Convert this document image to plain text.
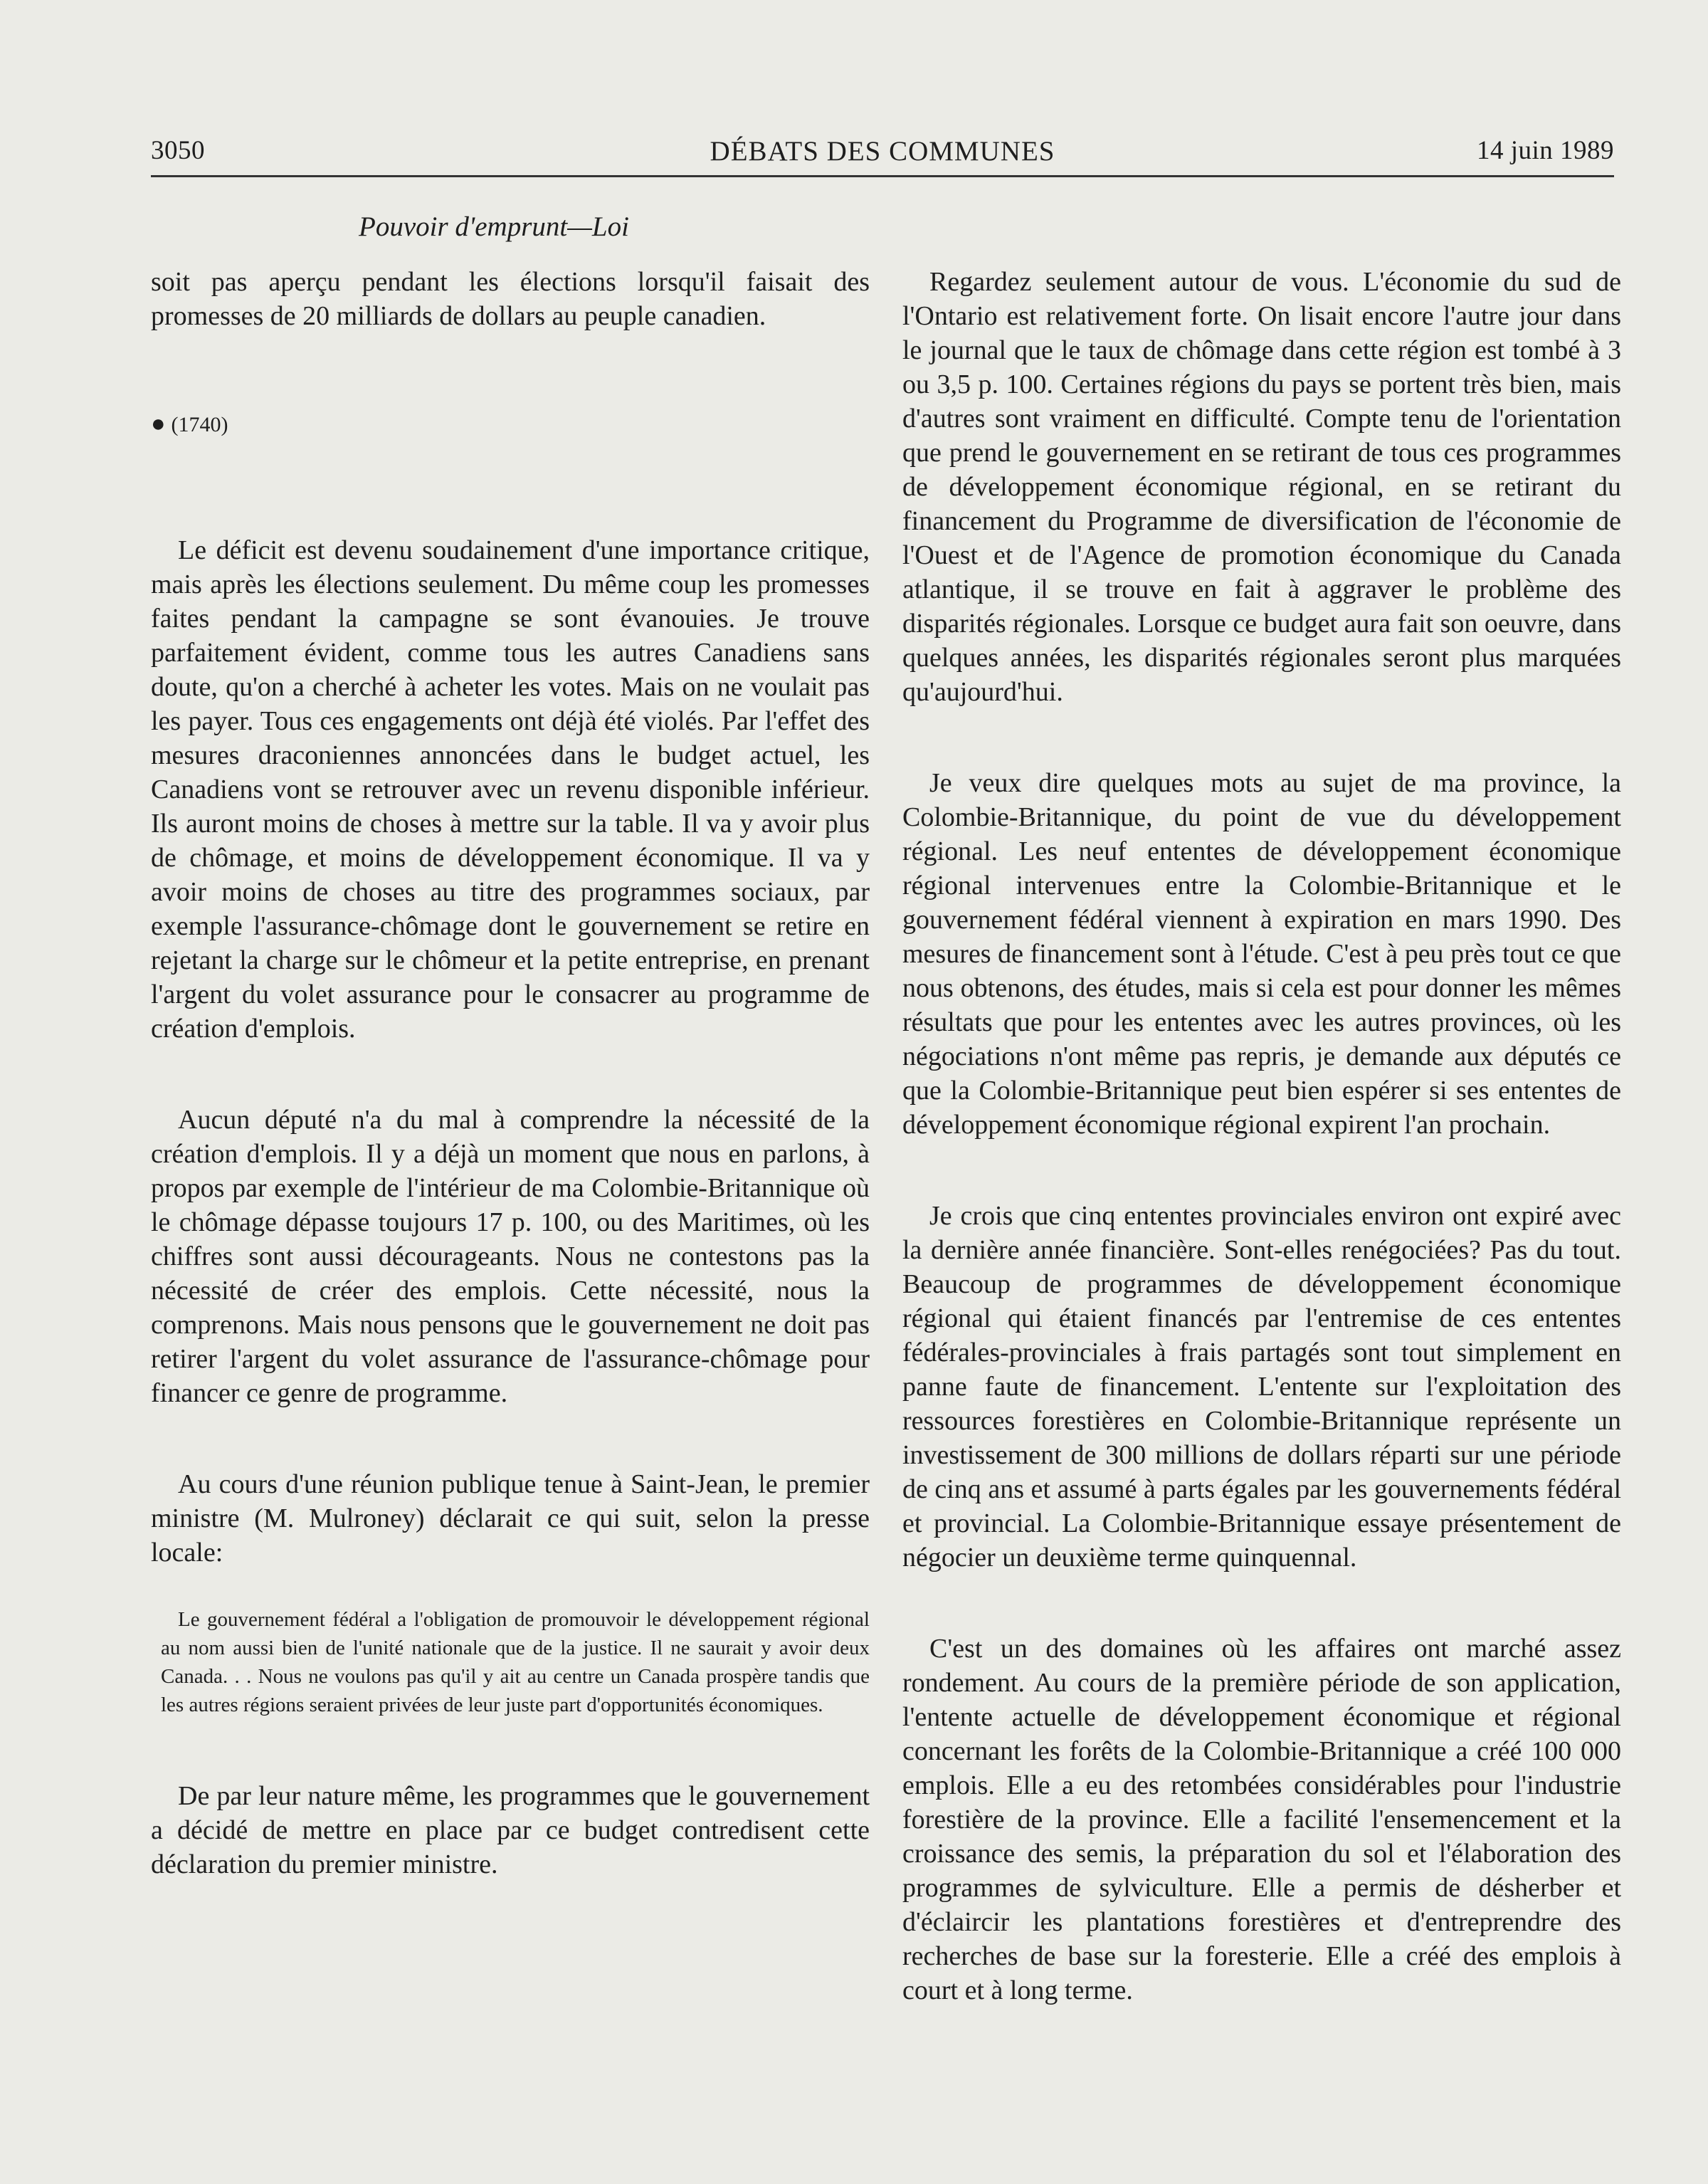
3050	DÉBATS DES COMMUNES	14 juin 1989
Pouvoir d'emprunt—Loi

soit pas aperçu pendant les élections lorsqu'il faisait des promesses de 20 milliards de dollars au peuple canadien.

● (1740)

Le déficit est devenu soudainement d'une importance critique, mais après les élections seulement. Du même coup les promesses faites pendant la campagne se sont évanouies. Je trouve parfaitement évident, comme tous les autres Canadiens sans doute, qu'on a cherché à acheter les votes. Mais on ne voulait pas les payer. Tous ces engagements ont déjà été violés. Par l'effet des mesures draconiennes annoncées dans le budget actuel, les Canadiens vont se retrouver avec un revenu disponible inférieur. Ils auront moins de choses à mettre sur la table. Il va y avoir plus de chômage, et moins de développement économique. Il va y avoir moins de choses au titre des programmes sociaux, par exemple l'assurance-chômage dont le gouvernement se retire en rejetant la charge sur le chômeur et la petite entreprise, en prenant l'argent du volet assurance pour le consacrer au programme de création d'emplois.

Aucun député n'a du mal à comprendre la nécessité de la création d'emplois. Il y a déjà un moment que nous en parlons, à propos par exemple de l'intérieur de ma Colombie-Britannique où le chômage dépasse toujours 17 p. 100, ou des Maritimes, où les chiffres sont aussi décourageants. Nous ne contestons pas la nécessité de créer des emplois. Cette nécessité, nous la comprenons. Mais nous pensons que le gouvernement ne doit pas retirer l'argent du volet assurance de l'assurance-chômage pour financer ce genre de programme.

Au cours d'une réunion publique tenue à Saint-Jean, le premier ministre (M. Mulroney) déclarait ce qui suit, selon la presse locale:

Le gouvernement fédéral a l'obligation de promouvoir le développement régional au nom aussi bien de l'unité nationale que de la justice. Il ne saurait y avoir deux Canada. . . Nous ne voulons pas qu'il y ait au centre un Canada prospère tandis que les autres régions seraient privées de leur juste part d'opportunités économiques.

De par leur nature même, les programmes que le gouvernement a décidé de mettre en place par ce budget contredisent cette déclaration du premier ministre.

Regardez seulement autour de vous. L'économie du sud de l'Ontario est relativement forte. On lisait encore l'autre jour dans le journal que le taux de chômage dans cette région est tombé à 3 ou 3,5 p. 100. Certaines régions du pays se portent très bien, mais d'autres sont vraiment en difficulté. Compte tenu de l'orientation que prend le gouvernement en se retirant de tous ces programmes de développement économique régional, en se retirant du financement du Programme de diversification de l'économie de l'Ouest et de l'Agence de promotion économique du Canada atlantique, il se trouve en fait à aggraver le problème des disparités régionales. Lorsque ce budget aura fait son oeuvre, dans quelques années, les disparités régionales seront plus marquées qu'aujourd'hui.

Je veux dire quelques mots au sujet de ma province, la Colombie-Britannique, du point de vue du développement régional. Les neuf ententes de développement économique régional intervenues entre la Colombie-Britannique et le gouvernement fédéral viennent à expiration en mars 1990. Des mesures de financement sont à l'étude. C'est à peu près tout ce que nous obtenons, des études, mais si cela est pour donner les mêmes résultats que pour les ententes avec les autres provinces, où les négociations n'ont même pas repris, je demande aux députés ce que la Colombie-Britannique peut bien espérer si ses ententes de développement économique régional expirent l'an prochain.

Je crois que cinq ententes provinciales environ ont expiré avec la dernière année financière. Sont-elles renégociées? Pas du tout. Beaucoup de programmes de développement économique régional qui étaient financés par l'entremise de ces ententes fédérales-provinciales à frais partagés sont tout simplement en panne faute de financement. L'entente sur l'exploitation des ressources forestières en Colombie-Britannique représente un investissement de 300 millions de dollars réparti sur une période de cinq ans et assumé à parts égales par les gouvernements fédéral et provincial. La Colombie-Britannique essaye présentement de négocier un deuxième terme quinquennal.

C'est un des domaines où les affaires ont marché assez rondement. Au cours de la première période de son application, l'entente actuelle de développement économique et régional concernant les forêts de la Colombie-Britannique a créé 100 000 emplois. Elle a eu des retombées considérables pour l'industrie forestière de la province. Elle a facilité l'ensemencement et la croissance des semis, la préparation du sol et l'élaboration des programmes de sylviculture. Elle a permis de désherber et d'éclaircir les plantations forestières et d'entreprendre des recherches de base sur la foresterie. Elle a créé des emplois à court et à long terme.
